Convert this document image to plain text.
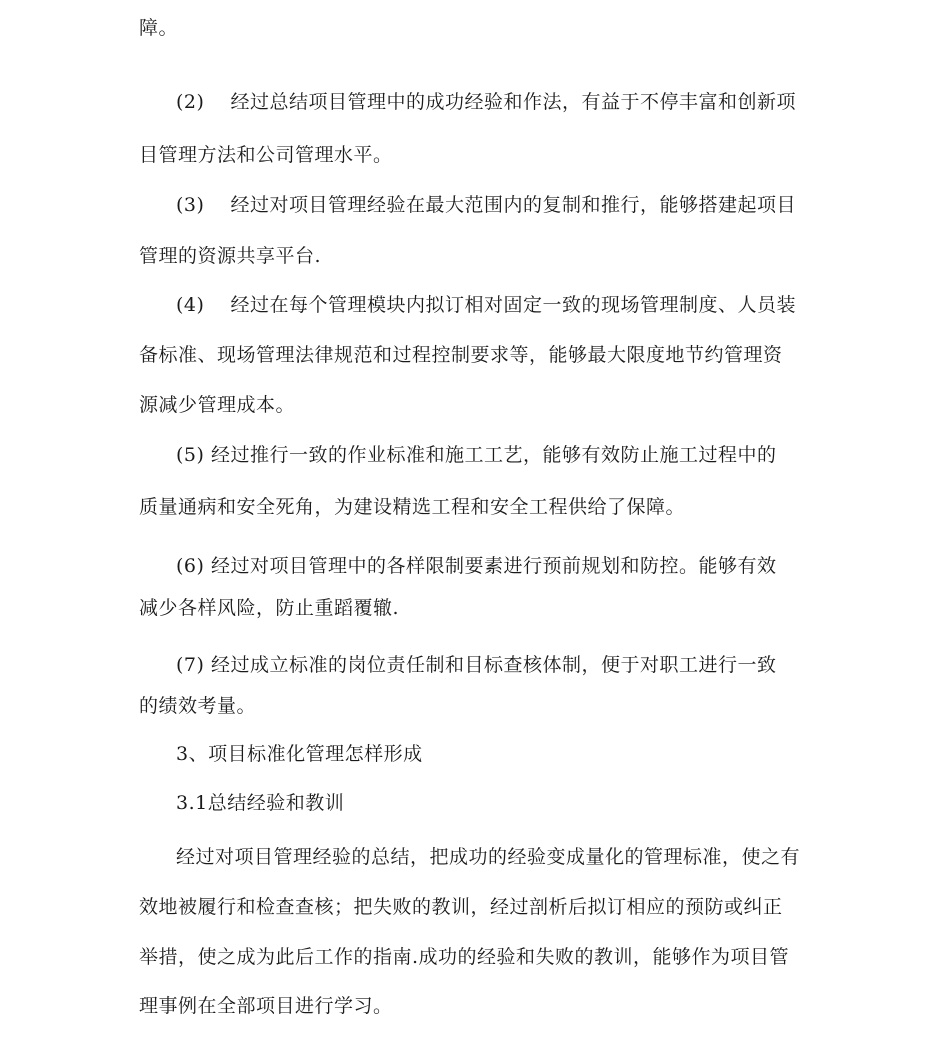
障。
(2)　 经过总结项目管理中的成功经验和作法，有益于不停丰富和创新项
目管理方法和公司管理水平。
(3)　 经过对项目管理经验在最大范围内的复制和推行，能够搭建起项目
管理的资源共享平台.
(4)　 经过在每个管理模块内拟订相对固定一致的现场管理制度、人员装
备标准、现场管理法律规范和过程控制要求等，能够最大限度地节约管理资
源减少管理成本。
(5) 经过推行一致的作业标准和施工工艺，能够有效防止施工过程中的
质量通病和安全死角，为建设精选工程和安全工程供给了保障。
(6) 经过对项目管理中的各样限制要素进行预前规划和防控。能够有效
减少各样风险，防止重蹈覆辙.
(7) 经过成立标准的岗位责任制和目标查核体制，便于对职工进行一致
的绩效考量。
3、项目标准化管理怎样形成
3.1总结经验和教训
经过对项目管理经验的总结，把成功的经验变成量化的管理标准，使之有
效地被履行和检查查核；把失败的教训，经过剖析后拟订相应的预防或纠正
举措，使之成为此后工作的指南.成功的经验和失败的教训，能够作为项目管
理事例在全部项目进行学习。
